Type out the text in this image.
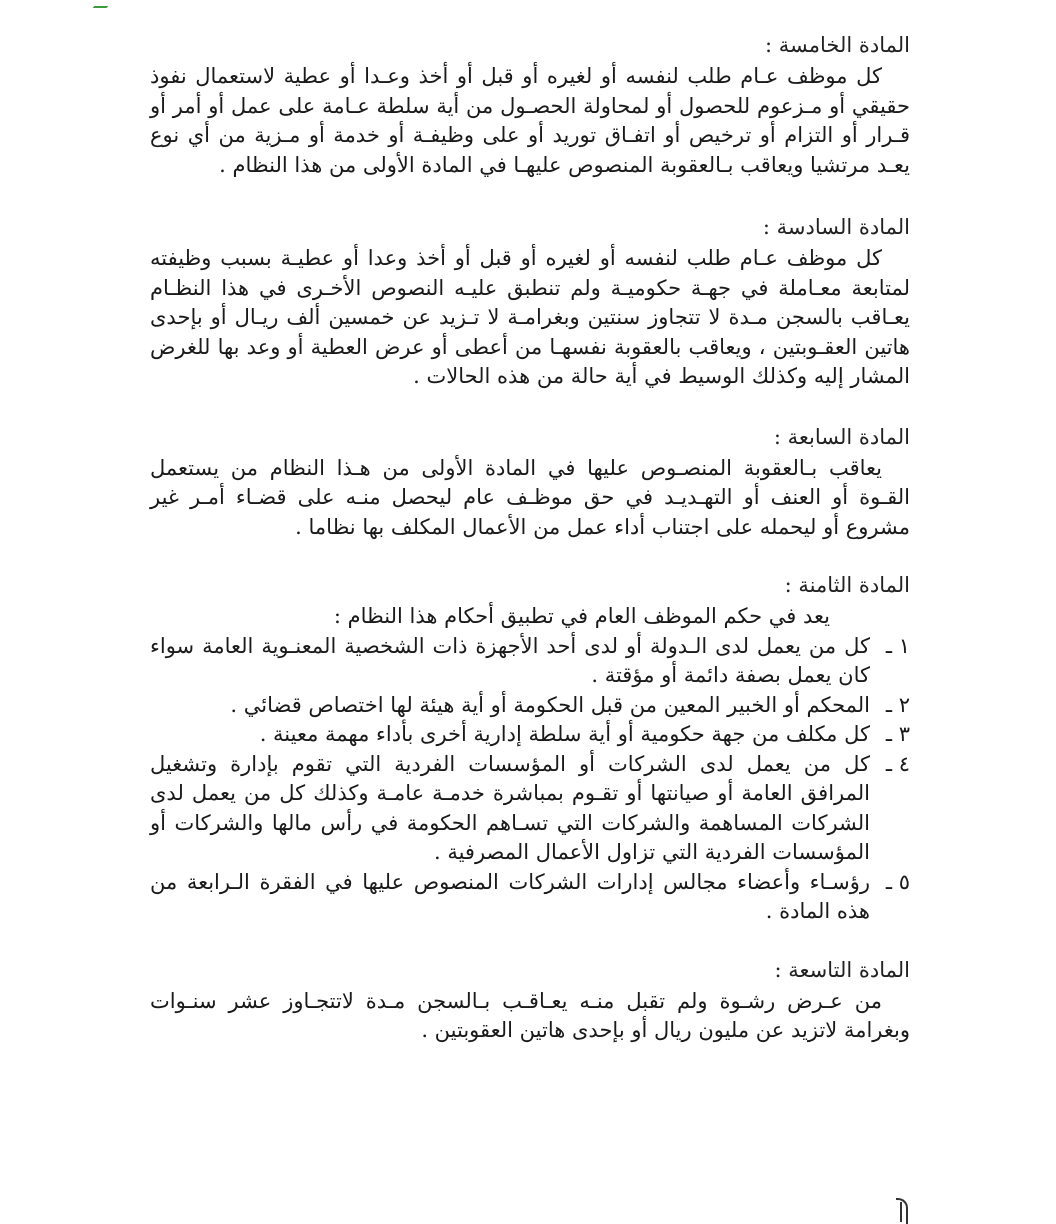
المادة الخامسة :

كل موظف عـام طلب لنفسه أو لغيره أو قبل أو أخذ وعـدا أو عطية لاستعمال نفوذ حقيقي أو مـزعوم للحصول أو لمحاولة الحصـول من أية سلطة عـامة على عمل أو أمر أو قـرار أو التزام أو ترخيص أو اتفـاق توريد أو على وظيفـة أو خدمة أو مـزية من أي نوع يعـد مرتشيا ويعاقب بـالعقوبة المنصوص عليهـا في المادة الأولى من هذا النظام .

المادة السادسة :

كل موظف عـام طلب لنفسه أو لغيره أو قبل أو أخذ وعدا أو عطيـة بسبب وظيفته لمتابعة معـاملة في جهـة حكوميـة ولم تنطبق عليـه النصوص الأخـرى في هذا النظـام يعـاقب بالسجن مـدة لا تتجاوز سنتين وبغرامـة لا تـزيد عن خمسين ألف ريـال أو بإحدى هاتين العقـوبتين ، ويعاقب بالعقوبة نفسهـا من أعطى أو عرض العطية أو وعد بها للغرض المشار إليه وكذلك الوسيط في أية حالة من هذه الحالات .

المادة السابعة :

يعاقب بـالعقوبة المنصـوص عليها في المادة الأولى من هـذا النظام من يستعمل القـوة أو العنف أو التهـديـد في حق موظـف عام ليحصل منـه على قضـاء أمـر غير مشروع أو ليحمله على اجتناب أداء عمل من الأعمال المكلف بها نظاما .

المادة الثامنة :

يعد في حكم الموظف العام في تطبيق أحكام هذا النظام :

١ ـ
كل من يعمل لدى الـدولة أو لدى أحد الأجهزة ذات الشخصية المعنـوية العامة سواء كان يعمل بصفة دائمة أو مؤقتة .
٢ ـ
المحكم أو الخبير المعين من قبل الحكومة أو أية هيئة لها اختصاص قضائي .
٣ ـ
كل مكلف من جهة حكومية أو أية سلطة إدارية أخرى بأداء مهمة معينة .
٤ ـ
كل من يعمل لدى الشركات أو المؤسسات الفردية التي تقوم بإدارة وتشغيل المرافق العامة أو صيانتها أو تقـوم بمباشرة خدمـة عامـة وكذلك كل من يعمل لدى الشركات المساهمة والشركات التي تسـاهم الحكومة في رأس مالها والشركات أو المؤسسات الفردية التي تزاول الأعمال المصرفية .
٥ ـ
رؤسـاء وأعضاء مجالس إدارات الشركات المنصوص عليها في الفقرة الـرابعة من هذه المادة .
المادة التاسعة :

من عـرض رشـوة ولم تقبل منـه يعـاقـب بـالسجن مـدة لاتتجـاوز عشر سنـوات وبغرامة لاتزيد عن مليون ريال أو بإحدى هاتين العقوبتين .
